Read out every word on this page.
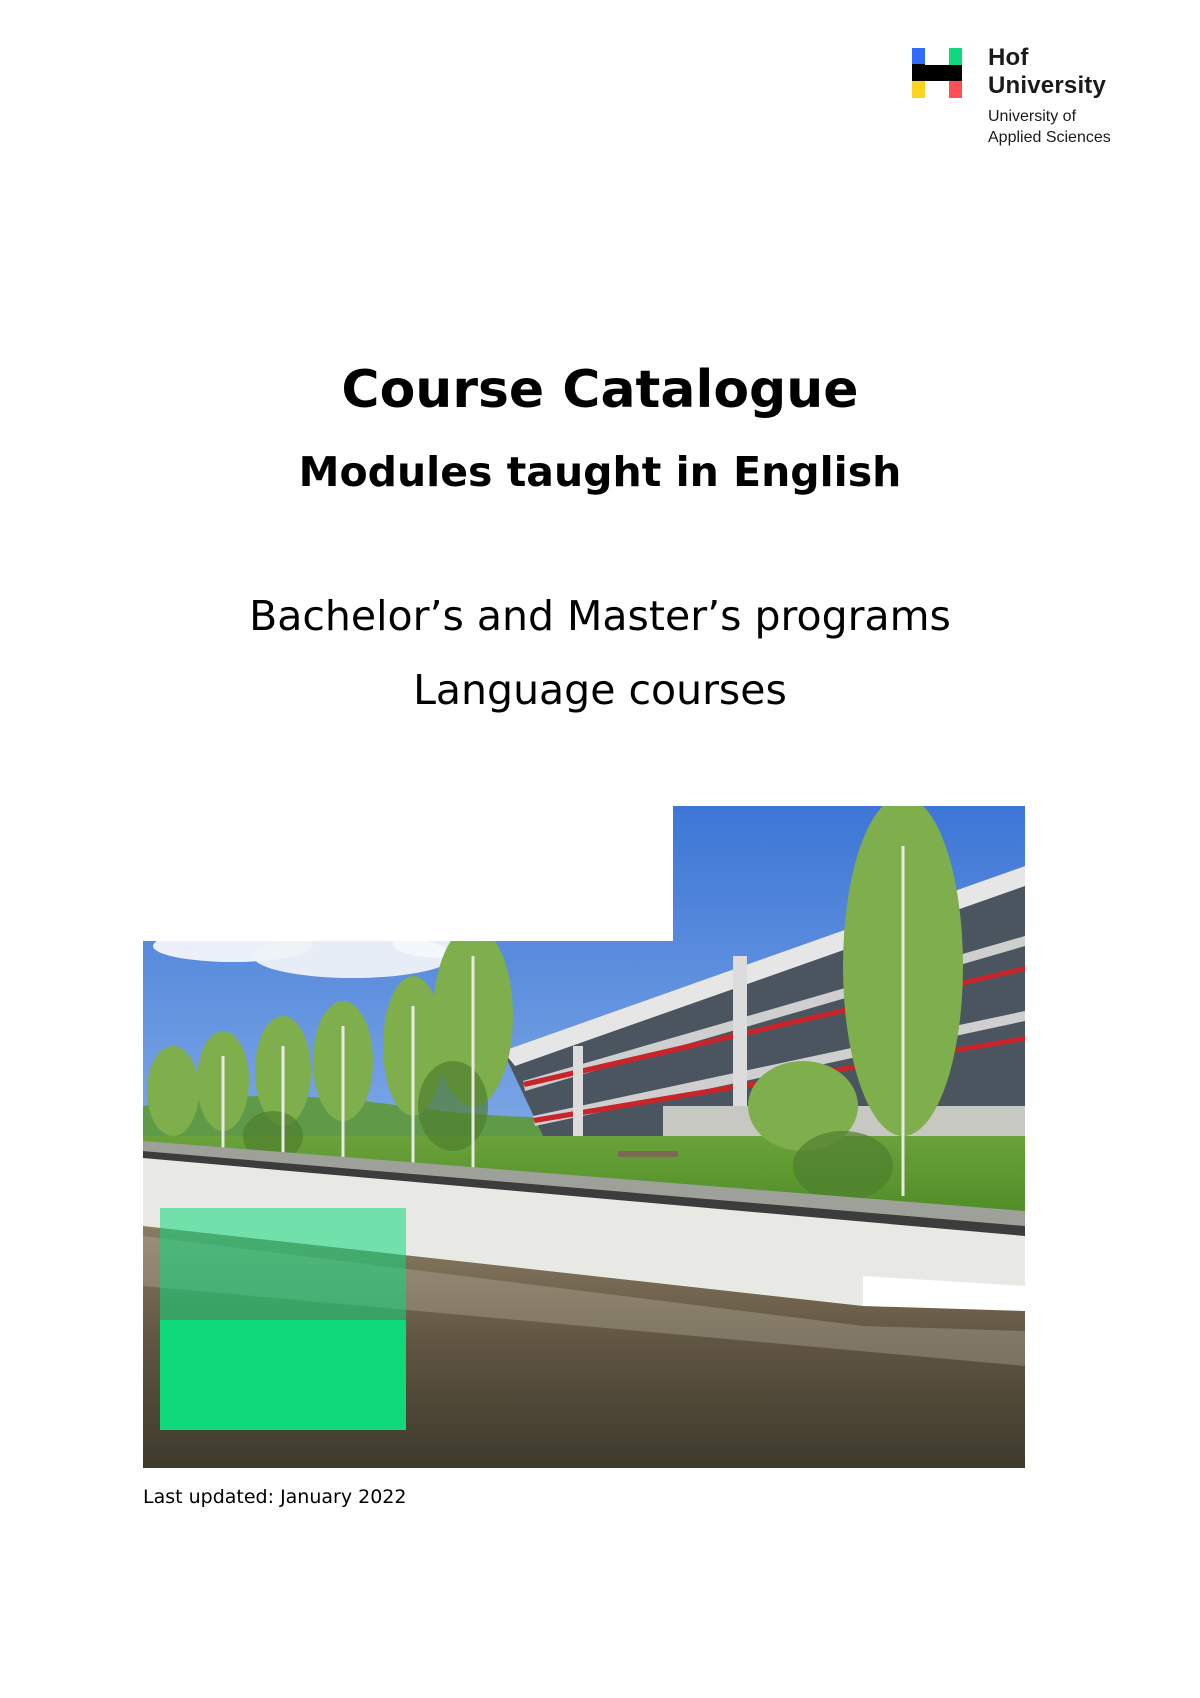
Hof
University
University of
Applied Sciences
Course Catalogue
Modules taught in English
Bachelor’s and Master’s programs
Language courses
Last updated: January 2022
